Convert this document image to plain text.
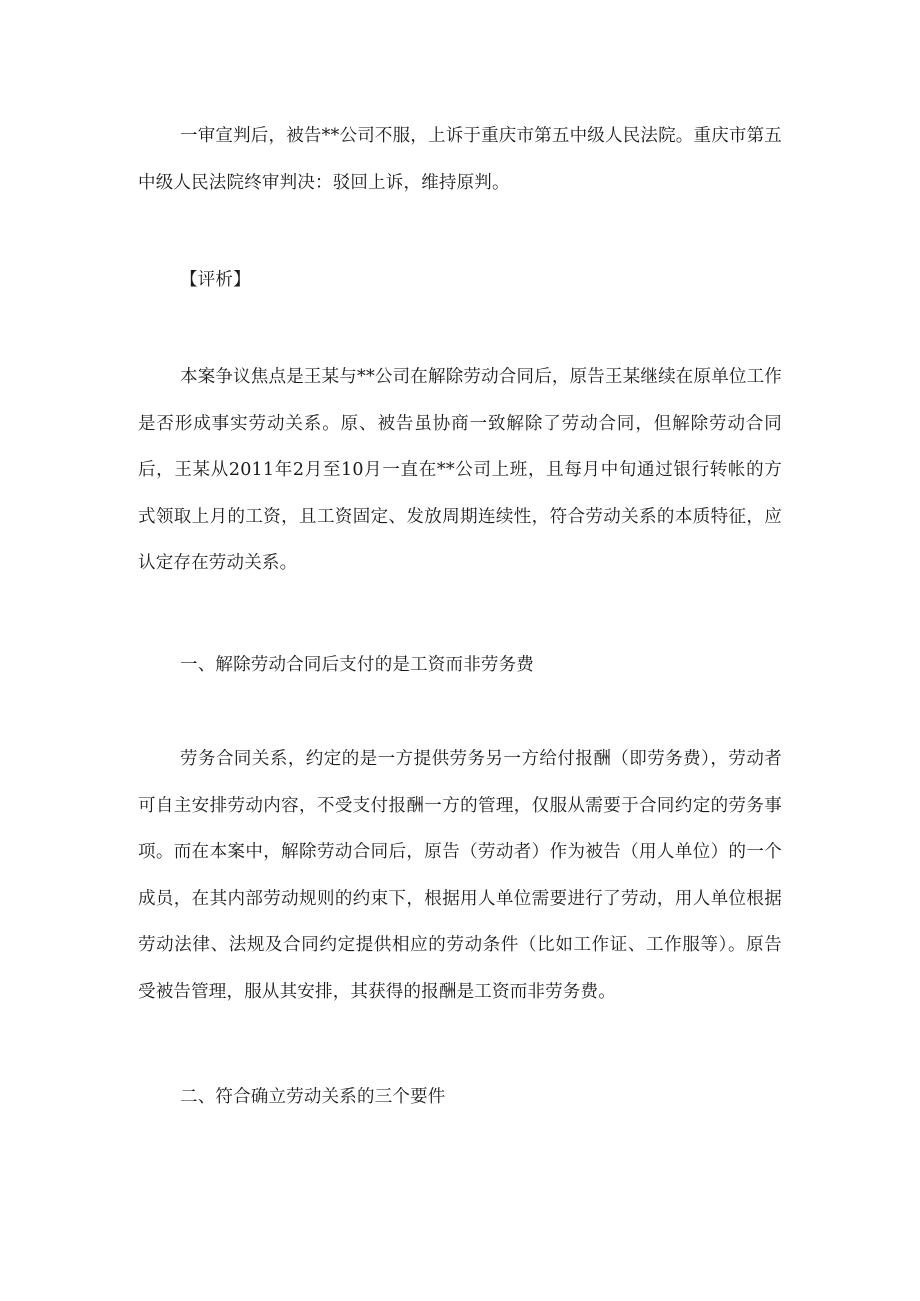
一审宣判后，被告**公司不服，上诉于重庆市第五中级人民法院。重庆市第五中级人民法院终审判决：驳回上诉，维持原判。

【评析】

本案争议焦点是王某与**公司在解除劳动合同后，原告王某继续在原单位工作是否形成事实劳动关系。原、被告虽协商一致解除了劳动合同，但解除劳动合同后，王某从2011年2月至10月一直在**公司上班，且每月中旬通过银行转帐的方式领取上月的工资，且工资固定、发放周期连续性，符合劳动关系的本质特征，应认定存在劳动关系。

一、解除劳动合同后支付的是工资而非劳务费

劳务合同关系，约定的是一方提供劳务另一方给付报酬（即劳务费），劳动者可自主安排劳动内容，不受支付报酬一方的管理，仅服从需要于合同约定的劳务事项。而在本案中，解除劳动合同后，原告（劳动者）作为被告（用人单位）的一个成员，在其内部劳动规则的约束下，根据用人单位需要进行了劳动，用人单位根据劳动法律、法规及合同约定提供相应的劳动条件（比如工作证、工作服等）。原告受被告管理，服从其安排，其获得的报酬是工资而非劳务费。

二、符合确立劳动关系的三个要件
